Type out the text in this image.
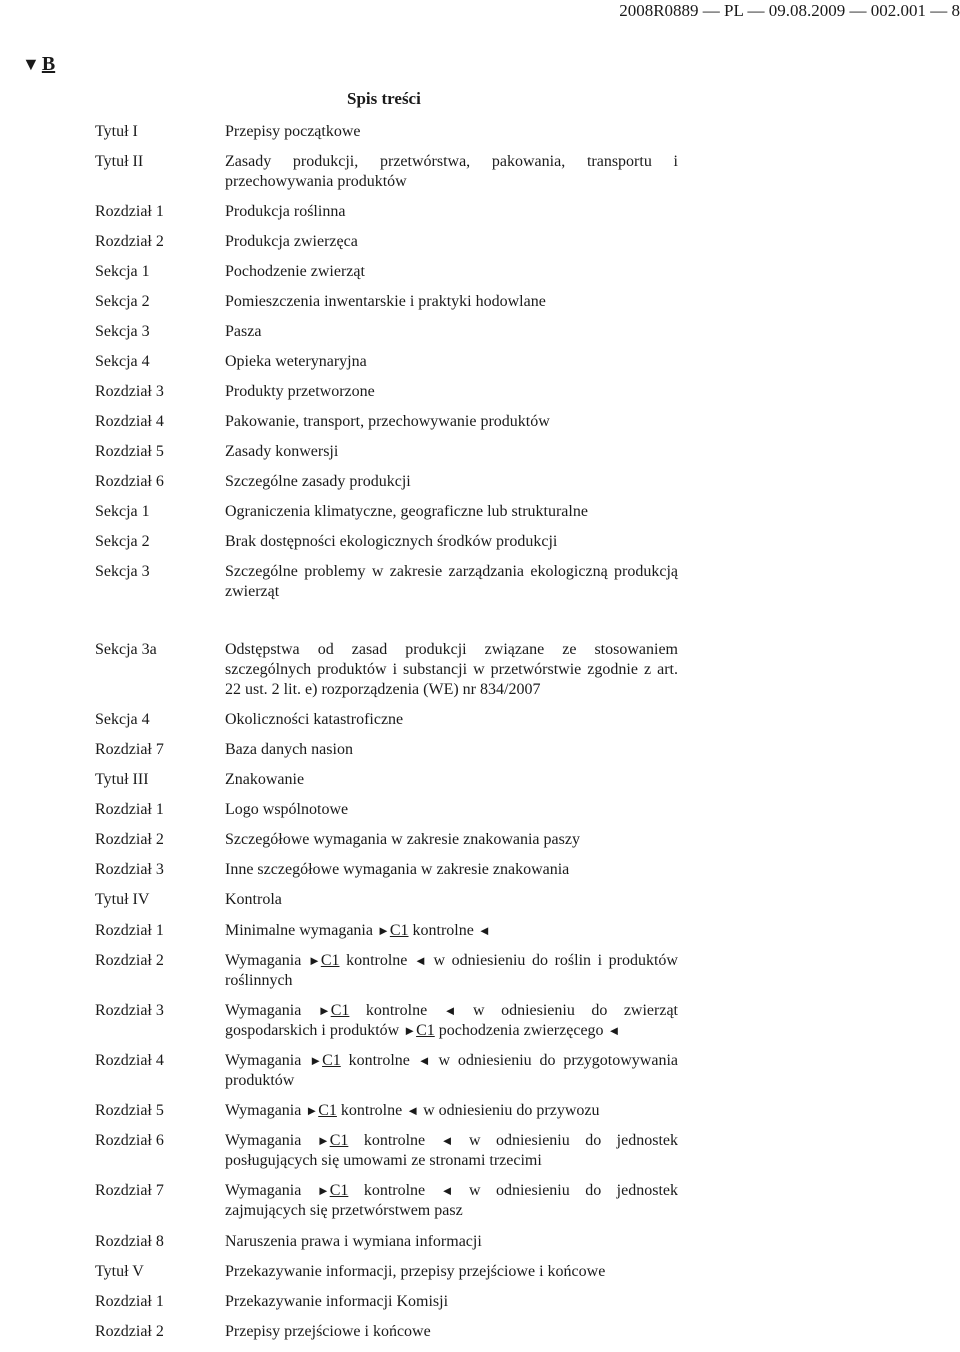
2008R0889 — PL — 09.08.2009 — 002.001 — 8
▼ B
Spis treści
Tytuł I	Przepisy początkowe
Tytuł II	Zasady produkcji, przetwórstwa, pakowania, transportu i przechowywania produktów
Rozdział 1	Produkcja roślinna
Rozdział 2	Produkcja zwierzęca
Sekcja 1	Pochodzenie zwierząt
Sekcja 2	Pomieszczenia inwentarskie i praktyki hodowlane
Sekcja 3	Pasza
Sekcja 4	Opieka weterynaryjna
Rozdział 3	Produkty przetworzone
Rozdział 4	Pakowanie, transport, przechowywanie produktów
Rozdział 5	Zasady konwersji
Rozdział 6	Szczególne zasady produkcji
Sekcja 1	Ograniczenia klimatyczne, geograficzne lub strukturalne
Sekcja 2	Brak dostępności ekologicznych środków produkcji
Sekcja 3	Szczególne problemy w zakresie zarządzania ekologiczną produkcją zwierząt
Sekcja 3a	Odstępstwa od zasad produkcji związane ze stosowaniem szczególnych produktów i substancji w przetwórstwie zgodnie z art. 22 ust. 2 lit. e) rozporządzenia (WE) nr 834/2007
Sekcja 4	Okoliczności katastroficzne
Rozdział 7	Baza danych nasion
Tytuł III	Znakowanie
Rozdział 1	Logo wspólnotowe
Rozdział 2	Szczegółowe wymagania w zakresie znakowania paszy
Rozdział 3	Inne szczegółowe wymagania w zakresie znakowania
Tytuł IV	Kontrola
Rozdział 1	Minimalne wymagania ►C1 kontrolne ◄
Rozdział 2	Wymagania ►C1 kontrolne ◄ w odniesieniu do roślin i produktów roślinnych
Rozdział 3	Wymagania ►C1 kontrolne ◄ w odniesieniu do zwierząt gospodarskich i produktów ►C1 pochodzenia zwierzęcego ◄
Rozdział 4	Wymagania ►C1 kontrolne ◄ w odniesieniu do przygotowywania produktów
Rozdział 5	Wymagania ►C1 kontrolne ◄ w odniesieniu do przywozu
Rozdział 6	Wymagania ►C1 kontrolne ◄ w odniesieniu do jednostek posługujących się umowami ze stronami trzecimi
Rozdział 7	Wymagania ►C1 kontrolne ◄ w odniesieniu do jednostek zajmujących się przetwórstwem pasz
Rozdział 8	Naruszenia prawa i wymiana informacji
Tytuł V	Przekazywanie informacji, przepisy przejściowe i końcowe
Rozdział 1	Przekazywanie informacji Komisji
Rozdział 2	Przepisy przejściowe i końcowe
